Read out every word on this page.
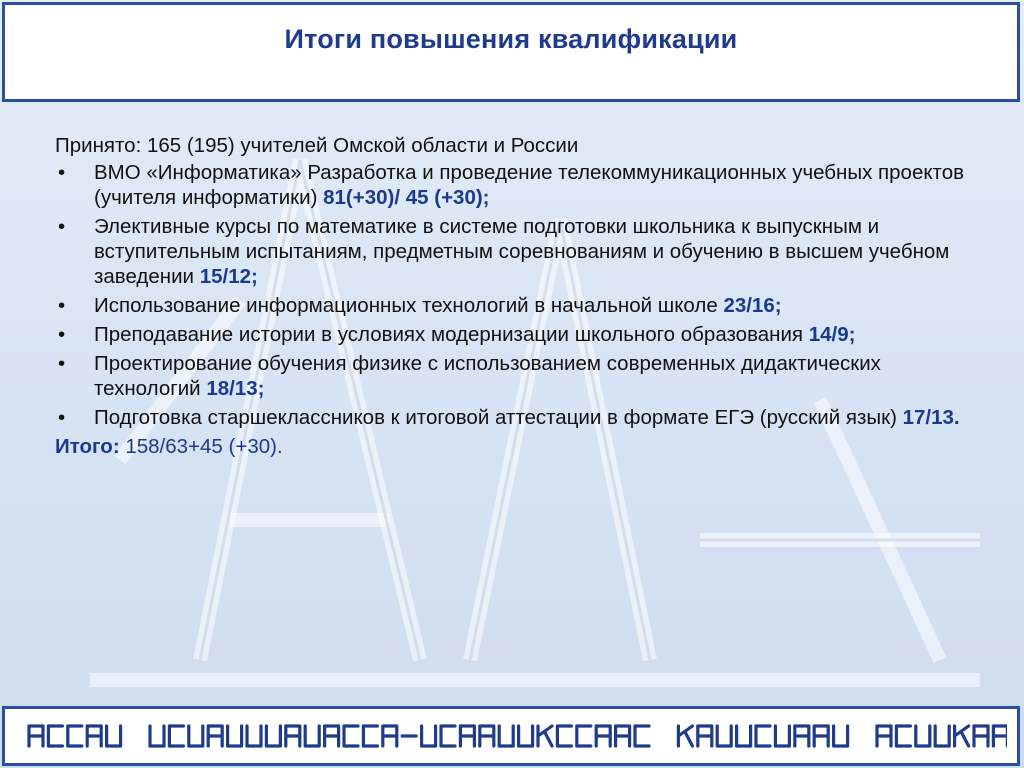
Итоги повышения квалификации

Принято: 165 (195) учителей Омской области и России

• ВМО «Информатика» Разработка и проведение телекоммуникационных учебных проектов (учителя информатики) 81(+30)/ 45 (+30);
• Элективные курсы по математике в системе подготовки школьника к выпускным и вступительным испытаниям, предметным соревнованиям и обучению в высшем учебном заведении 15/12;
• Использование информационных технологий в начальной школе 23/16;
• Преподавание истории в условиях модернизации школьного образования 14/9;
• Проектирование обучения физике с использованием современных дидактических технологий 18/13;
• Подготовка старшеклассников к итоговой аттестации в формате ЕГЭ (русский язык) 17/13.
Итого: 158/63+45 (+30).
